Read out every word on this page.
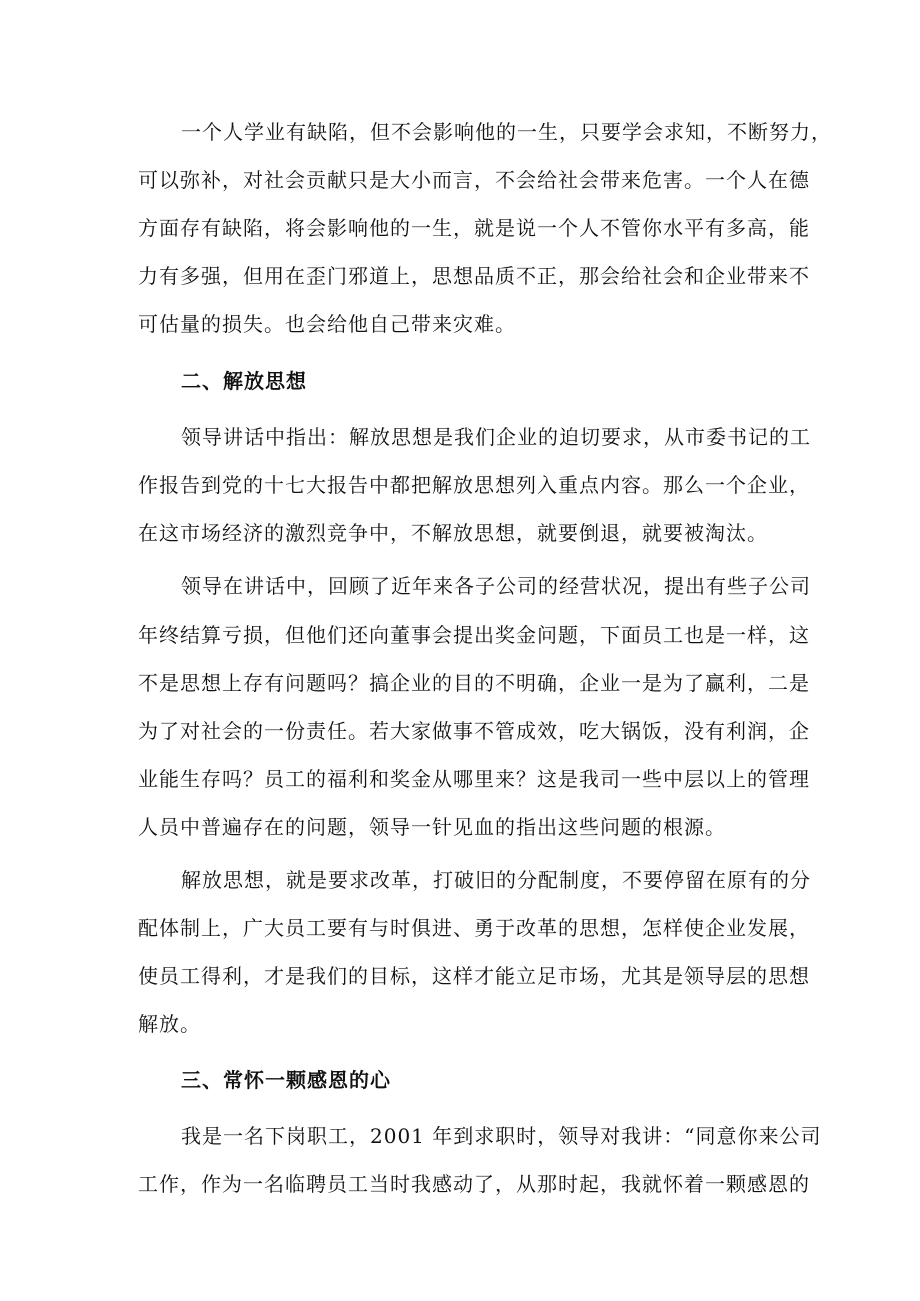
一个人学业有缺陷，但不会影响他的一生，只要学会求知，不断努力，
可以弥补，对社会贡献只是大小而言，不会给社会带来危害。一个人在德
方面存有缺陷，将会影响他的一生，就是说一个人不管你水平有多高，能
力有多强，但用在歪门邪道上，思想品质不正，那会给社会和企业带来不
可估量的损失。也会给他自己带来灾难。
二、解放思想
领导讲话中指出：解放思想是我们企业的迫切要求，从市委书记的工
作报告到党的十七大报告中都把解放思想列入重点内容。那么一个企业，
在这市场经济的激烈竞争中，不解放思想，就要倒退，就要被淘汰。
领导在讲话中，回顾了近年来各子公司的经营状况，提出有些子公司
年终结算亏损，但他们还向董事会提出奖金问题，下面员工也是一样，这
不是思想上存有问题吗？搞企业的目的不明确，企业一是为了赢利，二是
为了对社会的一份责任。若大家做事不管成效，吃大锅饭，没有利润，企
业能生存吗？员工的福利和奖金从哪里来？这是我司一些中层以上的管理
人员中普遍存在的问题，领导一针见血的指出这些问题的根源。
解放思想，就是要求改革，打破旧的分配制度，不要停留在原有的分
配体制上，广大员工要有与时俱进、勇于改革的思想，怎样使企业发展，
使员工得利，才是我们的目标，这样才能立足市场，尤其是领导层的思想
解放。
三、常怀一颗感恩的心
我是一名下岗职工，2001 年到求职时，领导对我讲：“同意你来公司
工作，作为一名临聘员工当时我感动了，从那时起，我就怀着一颗感恩的
